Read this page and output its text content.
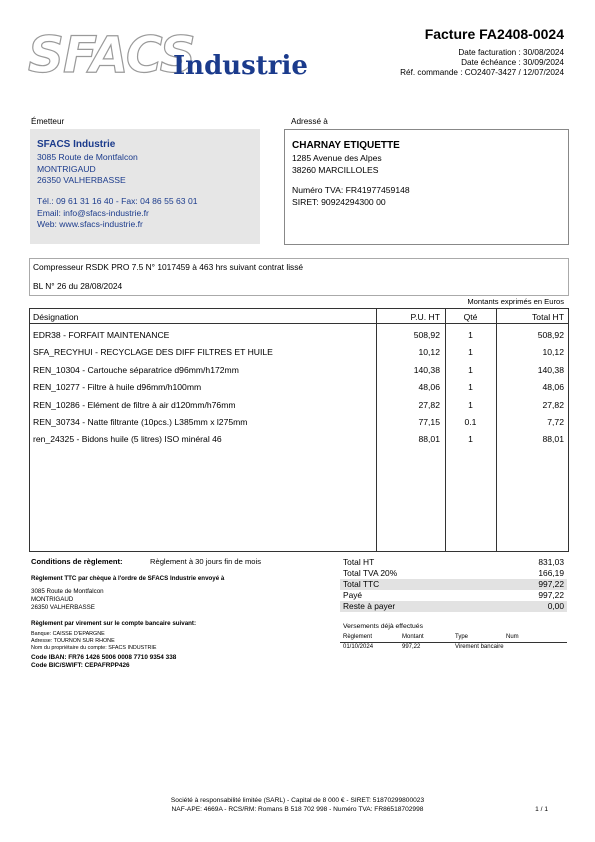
SFACS
Industrie
Facture FA2408-0024
Date facturation : 30/08/2024
Date échéance : 30/09/2024
Réf. commande : CO2407-3427 / 12/07/2024
Émetteur
SFACS Industrie
3085 Route de Montfalcon
MONTRIGAUD
26350 VALHERBASSE
Tél.: 09 61 31 16 40 - Fax: 04 86 55 63 01
Email: info@sfacs-industrie.fr
Web: www.sfacs-industrie.fr
Adressé à
CHARNAY ETIQUETTE
1285 Avenue des Alpes
38260 MARCILLOLES
Numéro TVA: FR41977459148
SIRET: 90924294300 00
Compresseur RSDK PRO 7.5 N° 1017459 à 463 hrs suivant contrat lissé
BL N° 26 du 28/08/2024
Montants exprimés en Euros
Désignation	P.U. HT	Qté	Total HT
EDR38 - FORFAIT MAINTENANCE	508,92	1	508,92
SFA_RECYHUI - RECYCLAGE DES DIFF FILTRES ET HUILE	10,12	1	10,12
REN_10304 - Cartouche séparatrice d96mm/h172mm	140,38	1	140,38
REN_10277 - Filtre à huile d96mm/h100mm	48,06	1	48,06
REN_10286 - Elément de filtre à air d120mm/h76mm	27,82	1	27,82
REN_30734 - Natte filtrante (10pcs.) L385mm x l275mm	77,15	0.1	7,72
ren_24325 - Bidons huile (5 litres) ISO minéral 46	88,01	1	88,01
Conditions de règlement:	Règlement à 30 jours fin de mois
Règlement TTC par chèque à l'ordre de SFACS Industrie envoyé à
3085 Route de Montfalcon
MONTRIGAUD
26350 VALHERBASSE
Règlement par virement sur le compte bancaire suivant:
Banque: CAISSE D'EPARGNE
Adresse: TOURNON SUR RHONE
Nom du propriétaire du compte: SFACS INDUSTRIE
Code IBAN: FR76 1426 5006 0008 7710 9354 338
Code BIC/SWIFT: CEPAFRPP426
Total HT	831,03
Total TVA 20%	166,19
Total TTC	997,22
Payé	997,22
Reste à payer	0,00
Versements déjà effectués
Règlement	Montant	Type	Num
01/10/2024	997,22	Virement bancaire
Société à responsabilité limitée (SARL) - Capital de 8 000 € - SIRET: 51870299800023
NAF-APE: 4669A - RCS/RM: Romans B 518 702 998 - Numéro TVA: FR86518702998	1 / 1
